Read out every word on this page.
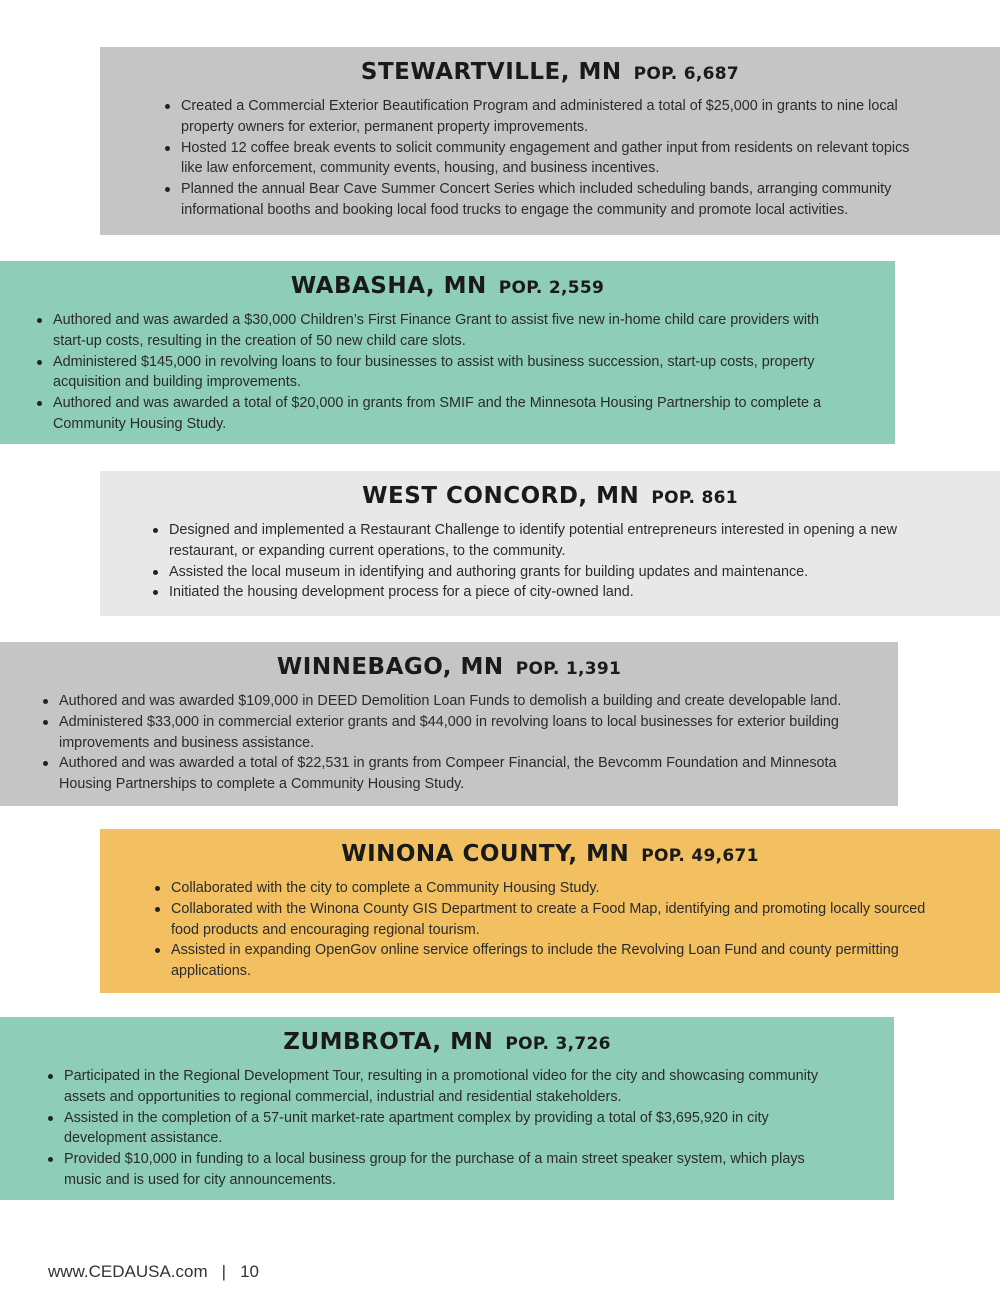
STEWARTVILLE, MN POP. 6,687
Created a Commercial Exterior Beautification Program and administered a total of $25,000 in grants to nine local property owners for exterior, permanent property improvements.
Hosted 12 coffee break events to solicit community engagement and gather input from residents on relevant topics like law enforcement, community events, housing, and business incentives.
Planned the annual Bear Cave Summer Concert Series which included scheduling bands, arranging community informational booths and booking local food trucks to engage the community and promote local activities.
WABASHA, MN POP. 2,559
Authored and was awarded a $30,000 Children’s First Finance Grant to assist five new in-home child care providers with start-up costs, resulting in the creation of 50 new child care slots.
Administered $145,000 in revolving loans to four businesses to assist with business succession, start-up costs, property acquisition and building improvements.
Authored and was awarded a total of $20,000 in grants from SMIF and the Minnesota Housing Partnership to complete a Community Housing Study.
WEST CONCORD, MN POP. 861
Designed and implemented a Restaurant Challenge to identify potential entrepreneurs interested in opening a new restaurant, or expanding current operations, to the community.
Assisted the local museum in identifying and authoring grants for building updates and maintenance.
Initiated the housing development process for a piece of city-owned land.
WINNEBAGO, MN POP. 1,391
Authored and was awarded $109,000 in DEED Demolition Loan Funds to demolish a building and create developable land.
Administered $33,000 in commercial exterior grants and $44,000 in revolving loans to local businesses for exterior building improvements and business assistance.
Authored and was awarded a total of $22,531 in grants from Compeer Financial, the Bevcomm Foundation and Minnesota Housing Partnerships to complete a Community Housing Study.
WINONA COUNTY, MN POP. 49,671
Collaborated with the city to complete a Community Housing Study.
Collaborated with the Winona County GIS Department to create a Food Map, identifying and promoting locally sourced food products and encouraging regional tourism.
Assisted in expanding OpenGov online service offerings to include the Revolving Loan Fund and county permitting applications.
ZUMBROTA, MN POP. 3,726
Participated in the Regional Development Tour, resulting in a promotional video for the city and showcasing community assets and opportunities to regional commercial, industrial and residential stakeholders.
Assisted in the completion of a 57-unit market-rate apartment complex by providing a total of $3,695,920 in city development assistance.
Provided $10,000 in funding to a local business group for the purchase of a main street speaker system, which plays music and is used for city announcements.
www.CEDAUSA.com | 10
